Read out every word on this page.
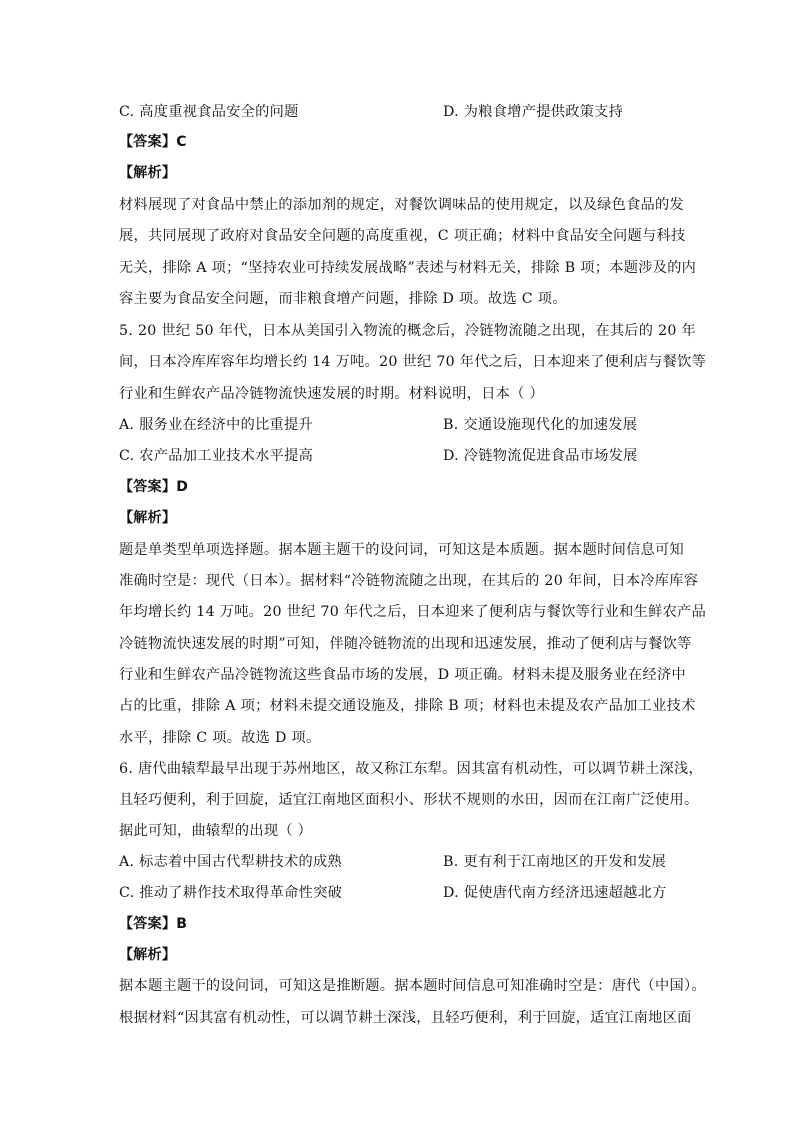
C. 高度重视食品安全的问题	D. 为粮食增产提供政策支持
【答案】C
【解析】
材料展现了对食品中禁止的添加剂的规定，对餐饮调味品的使用规定，以及绿色食品的发
展，共同展现了政府对食品安全问题的高度重视，C 项正确；材料中食品安全问题与科技
无关，排除 A 项；“坚持农业可持续发展战略”表述与材料无关，排除 B 项；本题涉及的内
容主要为食品安全问题，而非粮食增产问题，排除 D 项。故选 C 项。
5. 20 世纪 50 年代，日本从美国引入物流的概念后，冷链物流随之出现，在其后的 20 年
间，日本冷库库容年均增长约 14 万吨。20 世纪 70 年代之后，日本迎来了便利店与餐饮等
行业和生鲜农产品冷链物流快速发展的时期。材料说明，日本（ ）
A. 服务业在经济中的比重提升	B. 交通设施现代化的加速发展
C. 农产品加工业技术水平提高	D. 冷链物流促进食品市场发展
【答案】D
【解析】
题是单类型单项选择题。据本题主题干的设问词，可知这是本质题。据本题时间信息可知
准确时空是：现代（日本）。据材料“冷链物流随之出现，在其后的 20 年间，日本冷库库容
年均增长约 14 万吨。20 世纪 70 年代之后，日本迎来了便利店与餐饮等行业和生鲜农产品
冷链物流快速发展的时期”可知，伴随冷链物流的出现和迅速发展，推动了便利店与餐饮等
行业和生鲜农产品冷链物流这些食品市场的发展，D 项正确。材料未提及服务业在经济中
占的比重，排除 A 项；材料未提交通设施及，排除 B 项；材料也未提及农产品加工业技术
水平，排除 C 项。故选 D 项。
6. 唐代曲辕犁最早出现于苏州地区，故又称江东犁。因其富有机动性，可以调节耕土深浅，
且轻巧便利，利于回旋，适宜江南地区面积小、形状不规则的水田，因而在江南广泛使用。
据此可知，曲辕犁的出现（ ）
A. 标志着中国古代犁耕技术的成熟	B. 更有利于江南地区的开发和发展
C. 推动了耕作技术取得革命性突破	D. 促使唐代南方经济迅速超越北方
【答案】B
【解析】
据本题主题干的设问词，可知这是推断题。据本题时间信息可知准确时空是：唐代（中国）。
根据材料“因其富有机动性，可以调节耕土深浅，且轻巧便利，利于回旋，适宜江南地区面
